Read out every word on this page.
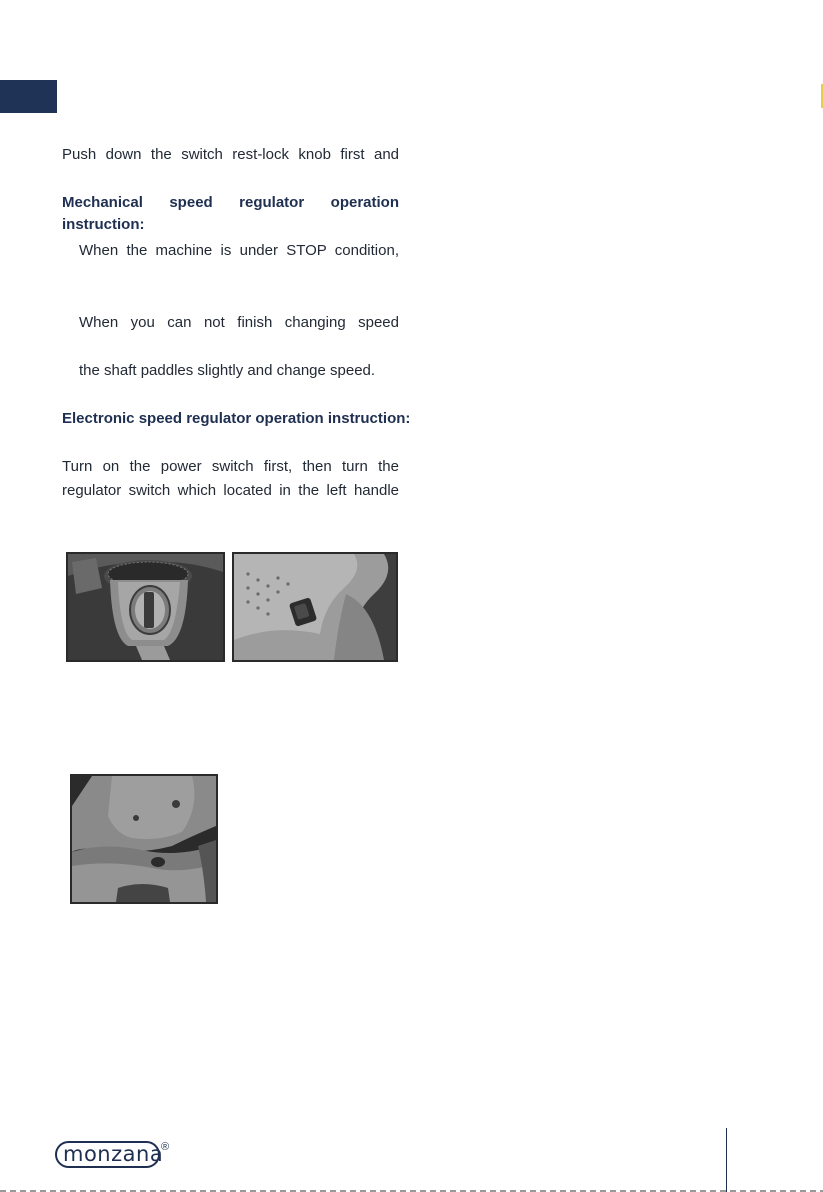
Push down the switch rest-lock knob first and
Mechanical speed regulator operation
instruction:
When the machine is under STOP condition,
When you can not finish changing speed
the shaft paddles slightly and change speed.
Electronic speed regulator operation instruction:
Turn on the power switch first, then turn the
regulator switch which located in the left handle
monzana
®
